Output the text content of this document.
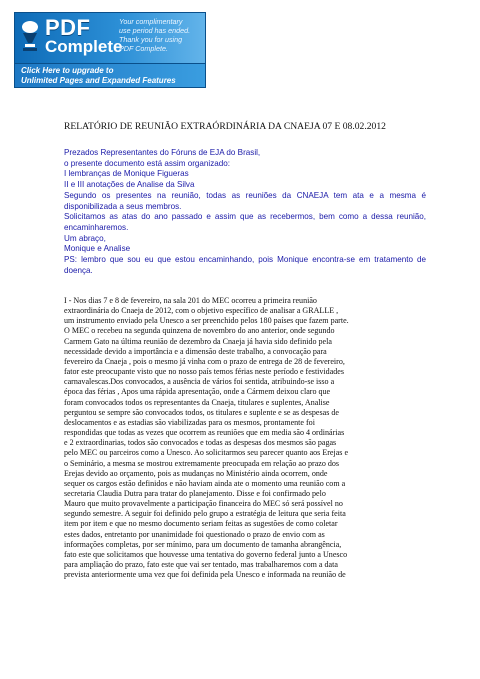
PDF
Complete
Your complimentary
use period has ended.
Thank you for using
PDF Complete.
Click Here to upgrade to
Unlimited Pages and Expanded Features
RELATÓRIO DE REUNIÃO EXTRAÓRDINÁRIA DA CNAEJA 07 E 08.02.2012
Prezados Representantes do Fóruns de EJA do Brasil,
o presente documento está assim organizado:
I lembranças de Monique Figueras
II e III anotações de Analise da Silva
Segundo os presentes na reunião, todas as reuniões da CNAEJA tem ata e a mesma é disponibilizada a seus membros.
Solicitamos as atas do ano passado e assim que as recebermos, bem como a dessa reunião, encaminharemos.
Um abraço,
Monique e Analise
PS: lembro que sou eu que estou encaminhando, pois Monique encontra-se em tratamento de doença.
I - Nos dias 7 e 8 de fevereiro, na sala 201 do MEC ocorreu a primeira reunião
extraordinária do Cnaeja de 2012, com o objetivo específico de analisar a GRALLE ,
um instrumento enviado pela Unesco a ser preenchido pelos 180 países que fazem parte.
O MEC o recebeu na segunda quinzena de novembro do ano anterior, onde segundo
Carmem Gato na última reunião de dezembro da Cnaeja já havia sido definido pela
necessidade devido a importância e a dimensão deste trabalho, a convocação para
fevereiro da Cnaeja , pois o mesmo já vinha com o prazo de entrega de 28 de fevereiro,
fator este preocupante visto que no nosso país temos férias neste período e festividades
carnavalescas.Dos convocados, a ausência de vários foi sentida, atribuindo-se isso a
época das férias , Apos uma rápida apresentação, onde a Cármem deixou claro que
foram convocados todos os representantes da Cnaeja, titulares e suplentes, Analise
perguntou se sempre são convocados todos, os titulares e suplente e se as despesas de
deslocamentos e as estadias são viabilizadas para os mesmos, prontamente foi
respondidas que todas as vezes que ocorrem as reuniões que em media são 4 ordinárias
e 2 extraordinarias, todos são convocados e todas as despesas dos mesmos são pagas
pelo MEC ou parceiros como a Unesco. Ao solicitarmos seu parecer quanto aos Erejas e
o Seminário, a mesma se mostrou extremamente preocupada em relação ao prazo dos
Erejas devido ao orçamento, pois as mudanças no Ministério ainda ocorrem, onde
sequer os cargos estão definidos e não haviam ainda ate o momento uma reunião com a
secretaria Claudia Dutra para tratar do planejamento. Disse e foi confirmado pelo
Mauro que muito provavelmente a participação financeira do MEC só será possível no
segundo semestre. A seguir foi definido pelo grupo a estratégia de leitura que seria feita
item por item e que no mesmo documento seriam feitas as sugestões de como coletar
estes dados, entretanto por unanimidade foi questionado o prazo de envio com as
informações completas, por ser mínimo, para um documento de tamanha abrangência,
fato este que solicitamos que houvesse uma tentativa do governo federal junto a Unesco
para ampliação do prazo, fato este que vai ser tentado, mas trabalharemos com a data
prevista anteriormente uma vez que foi definida pela Unesco e informada na reunião de
